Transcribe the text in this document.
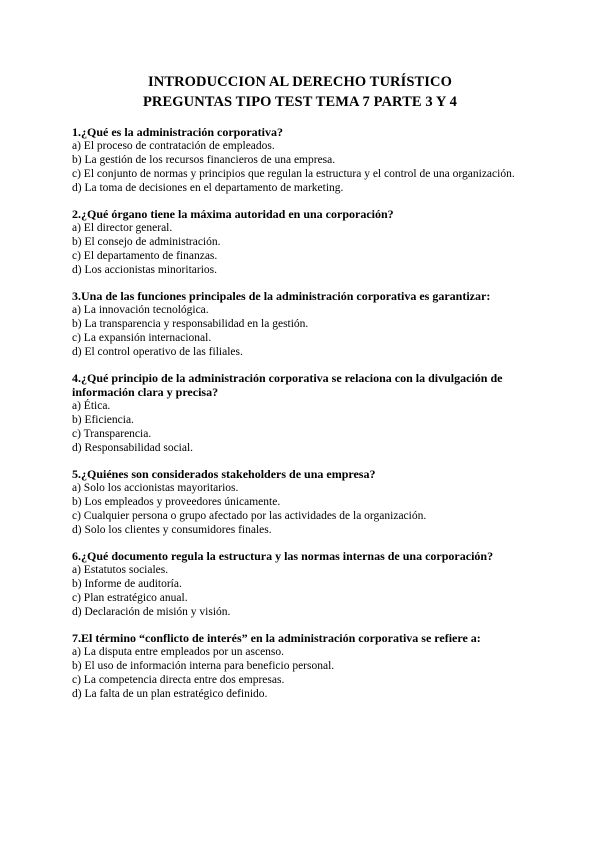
INTRODUCCION AL DERECHO TURÍSTICO

PREGUNTAS TIPO TEST TEMA 7 PARTE 3 Y 4

1.¿Qué es la administración corporativa?

a) El proceso de contratación de empleados.

b) La gestión de los recursos financieros de una empresa.

c) El conjunto de normas y principios que regulan la estructura y el control de una organización.

d) La toma de decisiones en el departamento de marketing.

2.¿Qué órgano tiene la máxima autoridad en una corporación?

a) El director general.

b) El consejo de administración.

c) El departamento de finanzas.

d) Los accionistas minoritarios.

3.Una de las funciones principales de la administración corporativa es garantizar:

a) La innovación tecnológica.

b) La transparencia y responsabilidad en la gestión.

c) La expansión internacional.

d) El control operativo de las filiales.

4.¿Qué principio de la administración corporativa se relaciona con la divulgación de información clara y precisa?

a) Ética.

b) Eficiencia.

c) Transparencia.

d) Responsabilidad social.

5.¿Quiénes son considerados stakeholders de una empresa?

a) Solo los accionistas mayoritarios.

b) Los empleados y proveedores únicamente.

c) Cualquier persona o grupo afectado por las actividades de la organización.

d) Solo los clientes y consumidores finales.

6.¿Qué documento regula la estructura y las normas internas de una corporación?

a) Estatutos sociales.

b) Informe de auditoría.

c) Plan estratégico anual.

d) Declaración de misión y visión.

7.El término “conflicto de interés” en la administración corporativa se refiere a:

a) La disputa entre empleados por un ascenso.

b) El uso de información interna para beneficio personal.

c) La competencia directa entre dos empresas.

d) La falta de un plan estratégico definido.
